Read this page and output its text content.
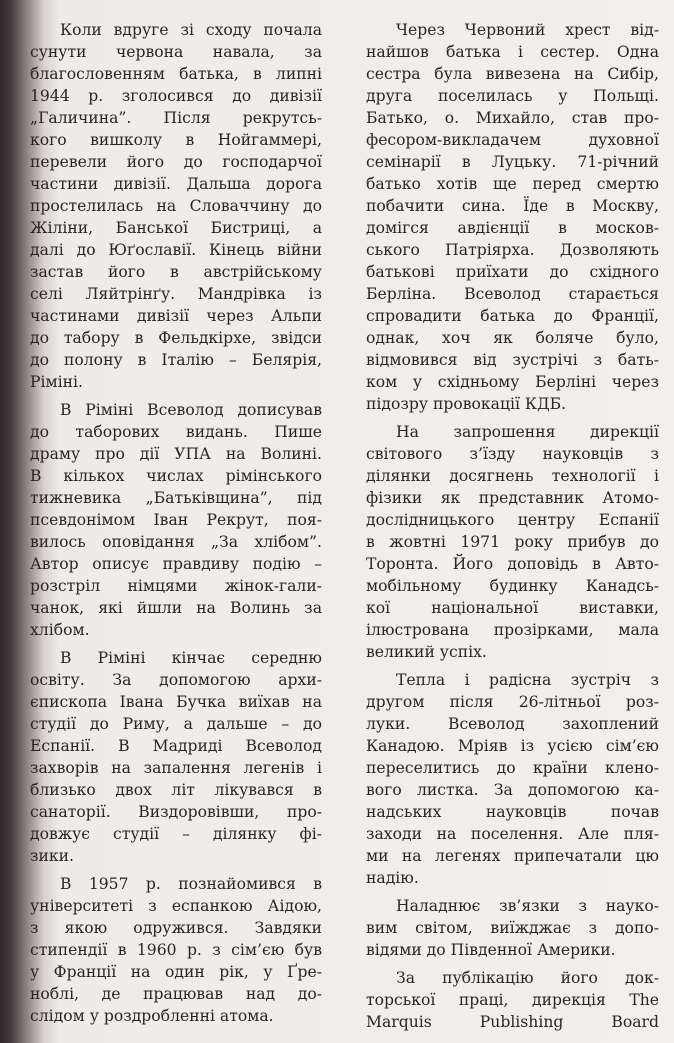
Коли вдруге зі сходу почала
сунути червона навала, за
благословенням батька, в липні
1944 р. зголосився до дивізії
„Галичина”. Після рекрутсь-
кого вишколу в Нойгаммері,
перевели його до господарчої
частини дивізії. Дальша дорога
простелилась на Словаччину до
Жіліни, Банської Бистриці, а
далі до Юґославії. Кінець війни
застав його в австрійському
селі Ляйтрінґу. Мандрівка із
частинами дивізії через Альпи
до табору в Фельдкірхе, звідси
до полону в Італію – Белярія,
Ріміні.
В Ріміні Всеволод дописував
до таборових видань. Пише
драму про дії УПА на Волині.
В кількох числах рімінського
тижневика „Батьківщина”, під
псевдонімом Іван Рекрут, поя-
вилось оповідання „За хлібом”.
Автор описує правдиву подію –
розстріл німцями жінок-гали-
чанок, які йшли на Волинь за
хлібом.
В Ріміні кінчає середню
освіту. За допомогою архи-
єпископа Івана Бучка виїхав на
студії до Риму, а дальше – до
Еспанії. В Мадриді Всеволод
захворів на запалення легенів і
близько двох літ лікувався в
санаторії. Виздоровівши, про-
довжує студії – ділянку фі-
зики.
В 1957 р. познайомився в
університеті з еспанкою Аідою,
з якою одружився. Завдяки
стипендії в 1960 р. з сім’єю був
у Франції на один рік, у Ґре-
ноблі, де працював над до-
слідом у роздробленні атома.
Через Червоний хрест від-
найшов батька і сестер. Одна
сестра була вивезена на Сибір,
друга поселилась у Польщі.
Батько, о. Михайло, став про-
фесором-викладачем духовної
семінарії в Луцьку. 71-річний
батько хотів ще перед смертю
побачити сина. Їде в Москву,
домігся авдієнції в москов-
ського Патріярха. Дозволяють
батькові приїхати до східного
Берліна. Всеволод старається
спровадити батька до Франції,
однак, хоч як боляче було,
відмовився від зустрічі з бать-
ком у східньому Берліні через
підозру провокації КДБ.
На запрошення дирекції
світового з’їзду науковців з
ділянки досягнень технології і
фізики як представник Атомо-
дослідницького центру Еспанії
в жовтні 1971 року прибув до
Торонта. Його доповідь в Авто-
мобільному будинку Канадсь-
кої національної виставки,
ілюстрована прозірками, мала
великий успіх.
Тепла і радісна зустріч з
другом після 26-літньої роз-
луки. Всеволод захоплений
Канадою. Мріяв із усією сім’єю
переселитись до країни клено-
вого листка. За допомогою ка-
надських науковців почав
заходи на поселення. Але пля-
ми на легенях припечатали цю
надію.
Наладнює зв’язки з науко-
вим світом, виїжджає з допо-
відями до Південної Америки.
За публікацію його док-
торської праці, дирекція The
Marquis Publishing Board
